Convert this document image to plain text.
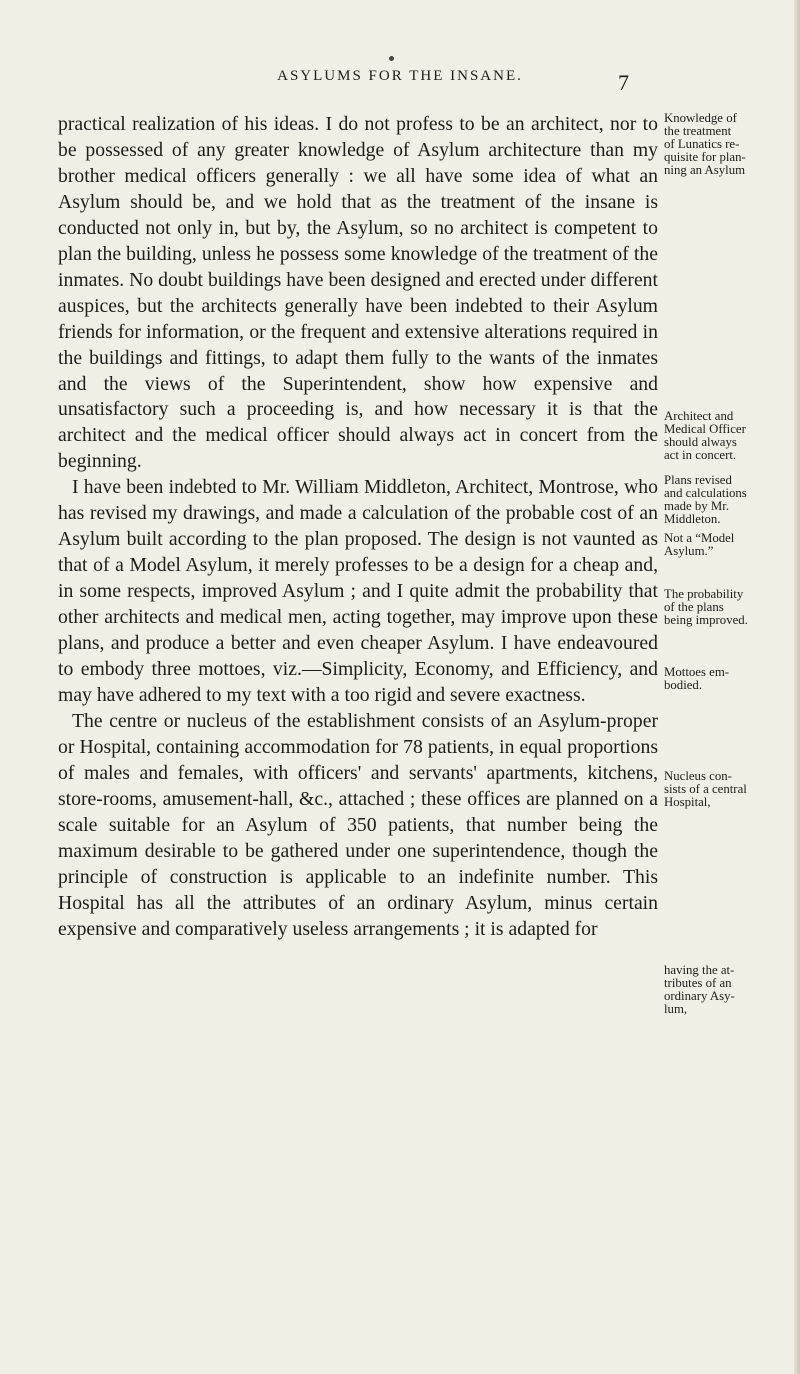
ASYLUMS FOR THE INSANE.	7

practical realization of his ideas. I do not profess to be an architect, nor to be possessed of any greater knowledge of Asylum architecture than my brother medical officers generally : we all have some idea of what an Asylum should be, and we hold that as the treatment of the insane is conducted not only in, but by, the Asylum, so no architect is competent to plan the building, unless he possess some knowledge of the treatment of the inmates. No doubt buildings have been designed and erected under different auspices, but the architects generally have been indebted to their Asylum friends for information, or the frequent and extensive alterations required in the buildings and fittings, to adapt them fully to the wants of the inmates and the views of the Superintendent, show how expensive and unsatisfactory such a proceeding is, and how necessary it is that the architect and the medical officer should always act in concert from the beginning.

I have been indebted to Mr. William Middleton, Architect, Montrose, who has revised my drawings, and made a calculation of the probable cost of an Asylum built according to the plan proposed. The design is not vaunted as that of a Model Asylum, it merely professes to be a design for a cheap and, in some respects, improved Asylum ; and I quite admit the probability that other architects and medical men, acting together, may improve upon these plans, and produce a better and even cheaper Asylum. I have endeavoured to embody three mottoes, viz.—Simplicity, Economy, and Efficiency, and may have adhered to my text with a too rigid and severe exactness.

The centre or nucleus of the establishment consists of an Asylum-proper or Hospital, containing accommodation for 78 patients, in equal proportions of males and females, with officers' and servants' apartments, kitchens, store-rooms, amusement-hall, &c., attached ; these offices are planned on a scale suitable for an Asylum of 350 patients, that number being the maximum desirable to be gathered under one superintendence, though the principle of construction is applicable to an indefinite number. This Hospital has all the attributes of an ordinary Asylum, minus certain expensive and comparatively useless arrangements ; it is adapted for

Knowledge of
the treatment
of Lunatics re-
quisite for plan-
ning an Asylum
Architect and
Medical Officer
should always
act in concert.
Plans revised
and calculations
made by Mr.
Middleton.
Not a “Model
Asylum.”
The probability
of the plans
being improved.
Mottoes em-
bodied.
Nucleus con-
sists of a central
Hospital,
having the at-
tributes of an
ordinary Asy-
lum,
